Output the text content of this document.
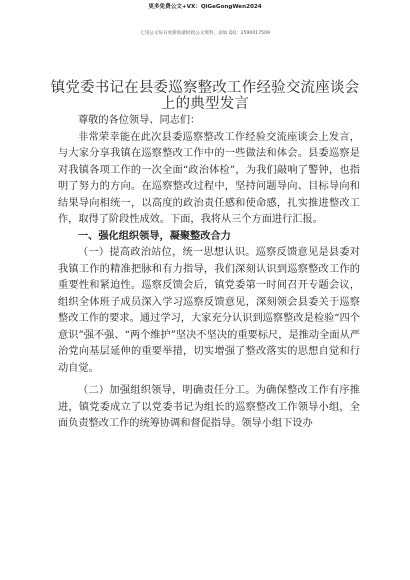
更多免费公文+VX：QiGeGongWen2024
七哥公文每日更新海量时政公文资料，添加 QQ：2590017509
镇党委书记在县委巡察整改工作经验交流座谈会上的典型发言

尊敬的各位领导、同志们：

非常荣幸能在此次县委巡察整改工作经验交流座谈会上发言，与大家分享我镇在巡察整改工作中的一些做法和体会。县委巡察是对我镇各项工作的一次全面“政治体检”，为我们敲响了警钟，也指明了努力的方向。在巡察整改过程中，坚持问题导向、目标导向和结果导向相统一，以高度的政治责任感和使命感，扎实推进整改工作，取得了阶段性成效。下面，我将从三个方面进行汇报。

一、强化组织领导，凝聚整改合力

（一）提高政治站位，统一思想认识。巡察反馈意见是县委对我镇工作的精准把脉和有力指导，我们深刻认识到巡察整改工作的重要性和紧迫性。巡察反馈会后，镇党委第一时间召开专题会议，组织全体班子成员深入学习巡察反馈意见，深刻领会县委关于巡察整改工作的要求。通过学习，大家充分认识到巡察整改是检验“四个意识”强不强、“两个维护”坚决不坚决的重要标尺，是推动全面从严治党向基层延伸的重要举措，切实增强了整改落实的思想自觉和行动自觉。

（二）加强组织领导，明确责任分工。为确保整改工作有序推进，镇党委成立了以党委书记为组长的巡察整改工作领导小组，全面负责整改工作的统筹协调和督促指导。领导小组下设办
